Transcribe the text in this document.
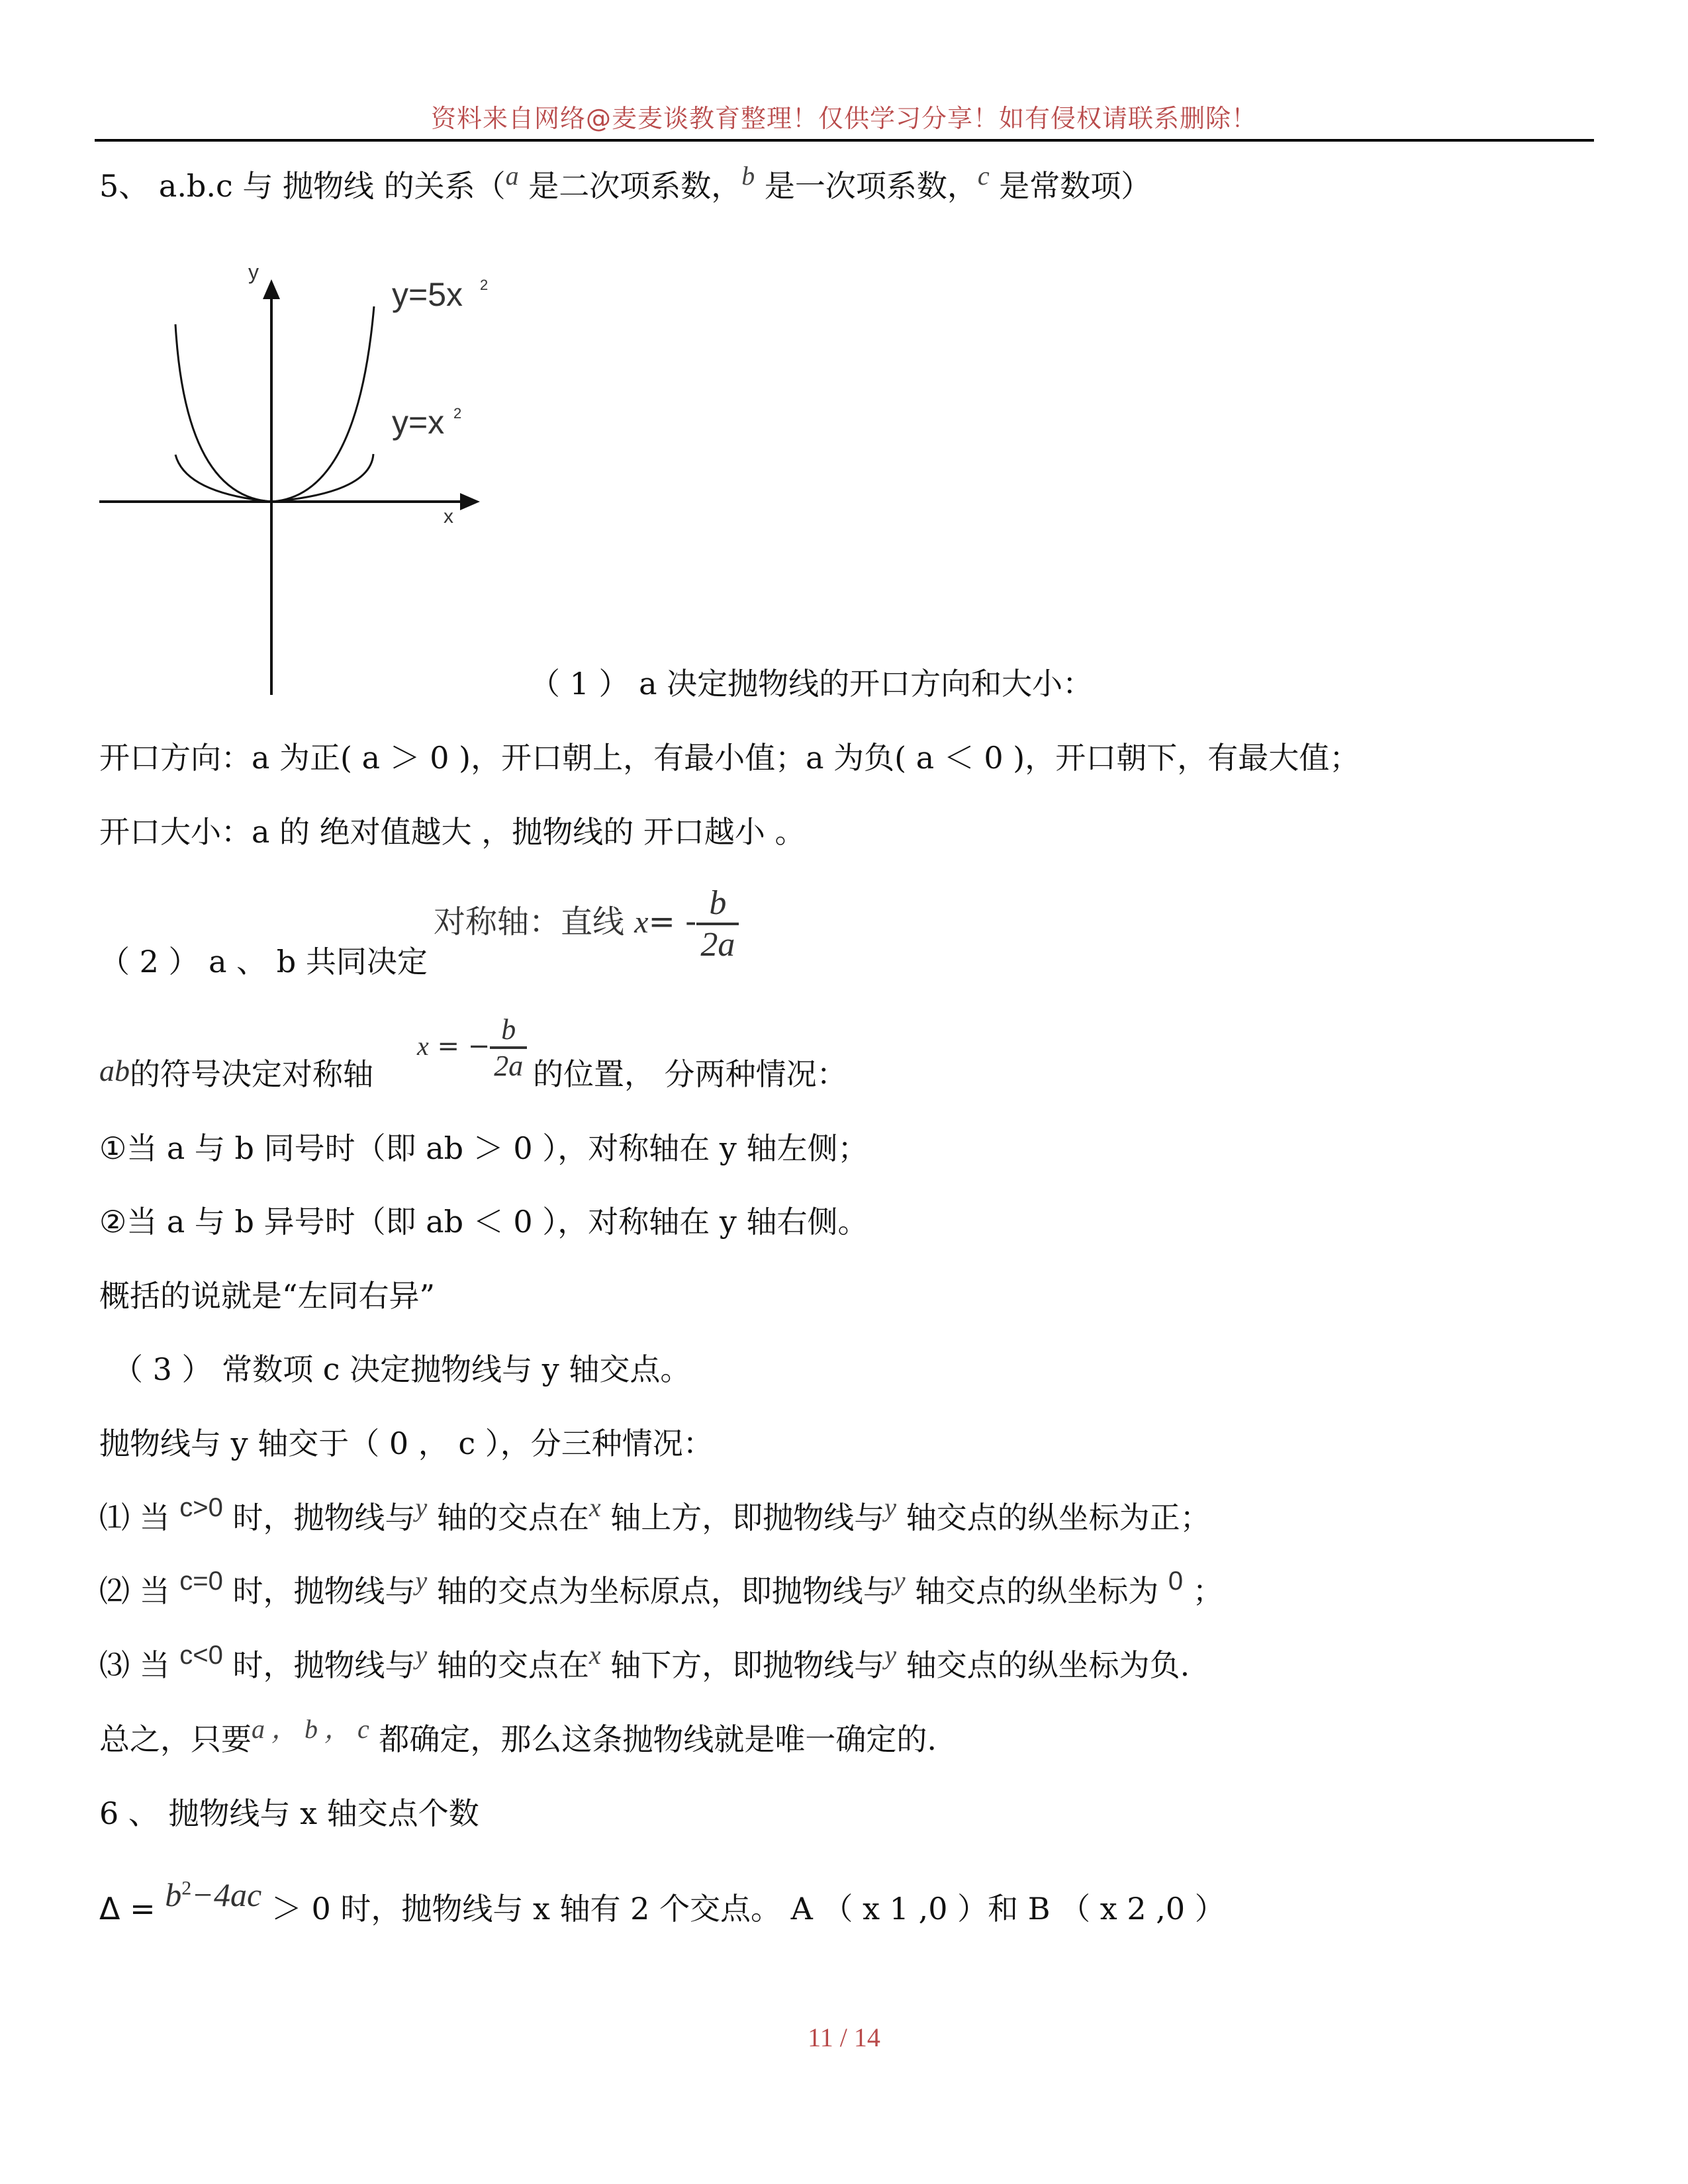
资料来自网络@麦麦谈教育整理！仅供学习分享！如有侵权请联系删除！
5、 a.b.c 与 抛物线 的关系（a 是二次项系数，b 是一次项系数，c 是常数项）
y
x
y=5x 2
y=x 2
（ 1 ） a 决定抛物线的开口方向和大小：
开口方向：a 为正( a ＞ 0 )，开口朝上，有最小值；a 为负( a ＜ 0 )，开口朝下，有最大值；
开口大小：a 的 绝对值越大 ，抛物线的 开口越小 。
（ 2 ） a 、 b 共同决定
对称轴：直线 $x= - \frac{b}{2a}$
ab的符号决定对称轴
x = − $\frac{b}{2a}$ 的位置， 分两种情况：
①当 a 与 b 同号时（即 ab ＞ 0 ），对称轴在 y 轴左侧；
②当 a 与 b 异号时（即 ab ＜ 0 ），对称轴在 y 轴右侧。
概括的说就是“左同右异”
（ 3 ） 常数项 c 决定抛物线与 y 轴交点。
抛物线与 y 轴交于（ 0 ， c ），分三种情况：
⑴ 当 c>0 时，抛物线与y 轴的交点在x 轴上方，即抛物线与y 轴交点的纵坐标为正；
⑵ 当 c=0 时，抛物线与y 轴的交点为坐标原点，即抛物线与y 轴交点的纵坐标为 0 ；
⑶ 当 c<0 时，抛物线与y 轴的交点在x 轴下方，即抛物线与y 轴交点的纵坐标为负.
总之，只要a ， b ， c 都确定，那么这条抛物线就是唯一确定的.
6 、 抛物线与 x 轴交点个数
$\Delta = b^2-4ac > 0$ 时，抛物线与 x 轴有 2 个交点。 A （ x 1 ,0 ）和 B （ x 2 ,0 ）
11 / 14
